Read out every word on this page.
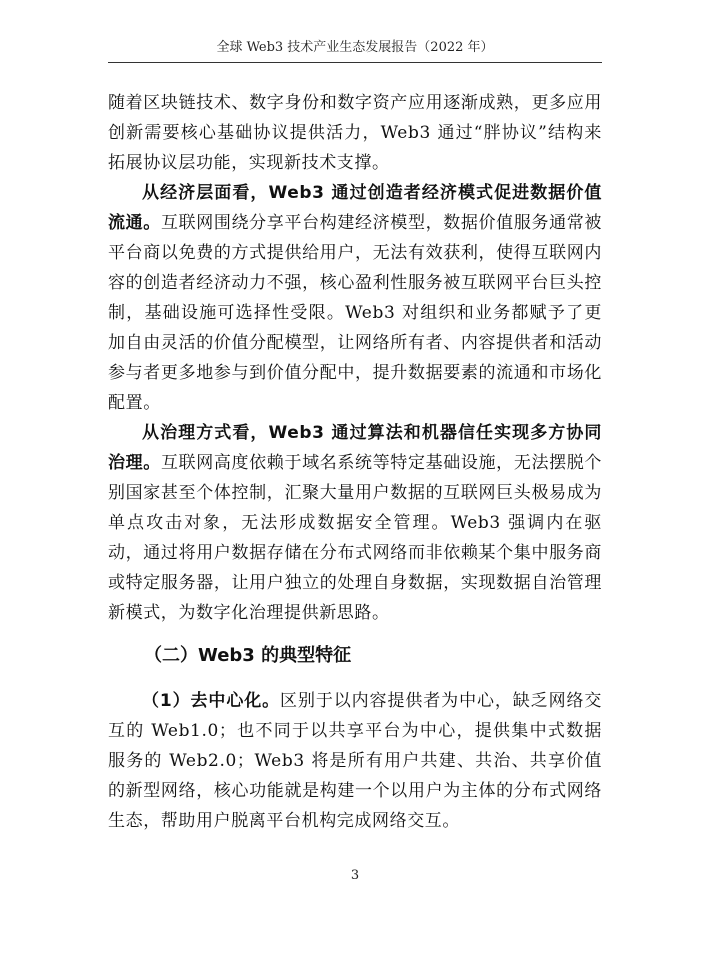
全球 Web3 技术产业生态发展报告（2022 年）

随着区块链技术、数字身份和数字资产应用逐渐成熟，更多应用创新需要核心基础协议提供活力，Web3 通过“胖协议”结构来拓展协议层功能，实现新技术支撑。

从经济层面看，Web3 通过创造者经济模式促进数据价值流通。互联网围绕分享平台构建经济模型，数据价值服务通常被平台商以免费的方式提供给用户，无法有效获利，使得互联网内容的创造者经济动力不强，核心盈利性服务被互联网平台巨头控制，基础设施可选择性受限。Web3 对组织和业务都赋予了更加自由灵活的价值分配模型，让网络所有者、内容提供者和活动参与者更多地参与到价值分配中，提升数据要素的流通和市场化配置。

从治理方式看，Web3 通过算法和机器信任实现多方协同治理。互联网高度依赖于域名系统等特定基础设施，无法摆脱个别国家甚至个体控制，汇聚大量用户数据的互联网巨头极易成为单点攻击对象，无法形成数据安全管理。Web3 强调内在驱动，通过将用户数据存储在分布式网络而非依赖某个集中服务商或特定服务器，让用户独立的处理自身数据，实现数据自治管理新模式，为数字化治理提供新思路。

（二）Web3 的典型特征

（1）去中心化。区别于以内容提供者为中心，缺乏网络交互的 Web1.0；也不同于以共享平台为中心，提供集中式数据服务的 Web2.0；Web3 将是所有用户共建、共治、共享价值的新型网络，核心功能就是构建一个以用户为主体的分布式网络生态，帮助用户脱离平台机构完成网络交互。

3
